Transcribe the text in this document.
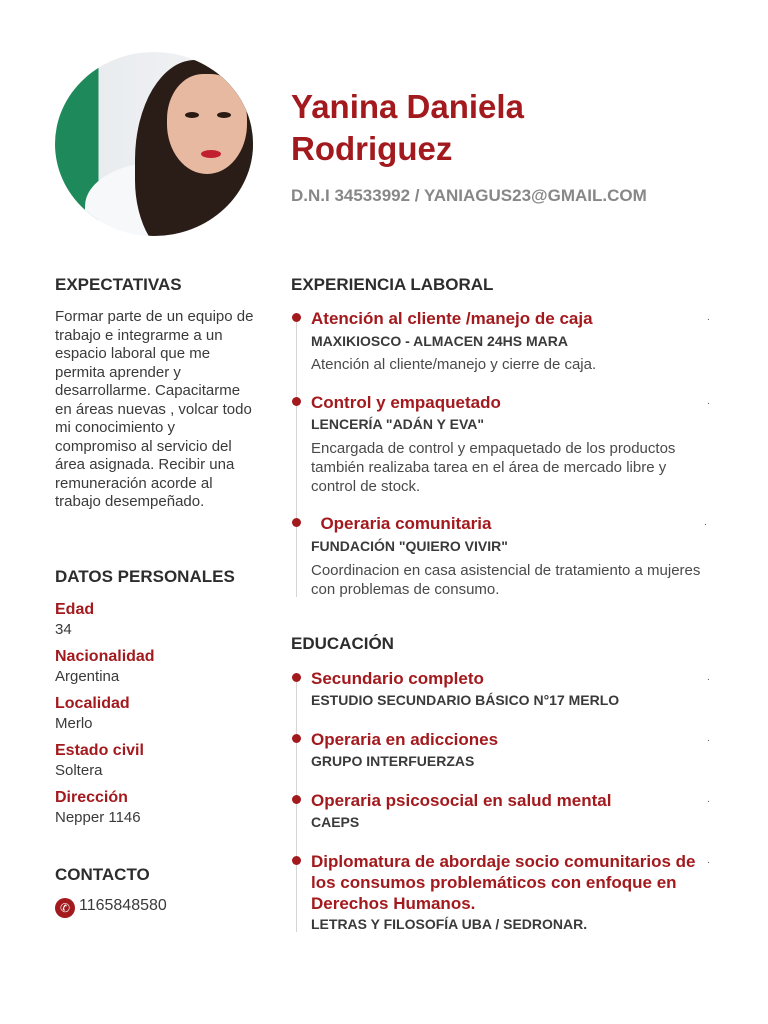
Yanina Daniela
Rodriguez
D.N.I 34533992 / YANIAGUS23@GMAIL.COM
EXPECTATIVAS
Formar parte de un equipo de trabajo e integrarme a un espacio laboral que me permita aprender y desarrollarme. Capacitarme en áreas nuevas , volcar todo mi conocimiento y compromiso al servicio del área asignada. Recibir una remuneración acorde al trabajo desempeñado.
DATOS PERSONALES
Edad
34
Nacionalidad
Argentina
Localidad
Merlo
Estado civil
Soltera
Dirección
Nepper 1146
CONTACTO
✆ 1165848580
EXPERIENCIA LABORAL
Atención al cliente /manejo de caja	.
MAXIKIOSCO - ALMACEN 24HS MARA
Atención al cliente/manejo y cierre de caja.
Control y empaquetado	.
LENCERÍA "ADÁN Y EVA"
Encargada de control y empaquetado de los productos también realizaba tarea en el área de mercado libre y control de stock.
Operaria comunitaria	.
FUNDACIÓN "QUIERO VIVIR"
Coordinacion en casa asistencial de tratamiento a mujeres con problemas de consumo.
EDUCACIÓN
Secundario completo	.
ESTUDIO SECUNDARIO BÁSICO N°17 MERLO
Operaria en adicciones	.
GRUPO INTERFUERZAS
Operaria psicosocial en salud mental	.
CAEPS
Diplomatura de abordaje socio comunitarios de los consumos problemáticos con enfoque en Derechos Humanos.
.
LETRAS Y FILOSOFÍA UBA / SEDRONAR.
